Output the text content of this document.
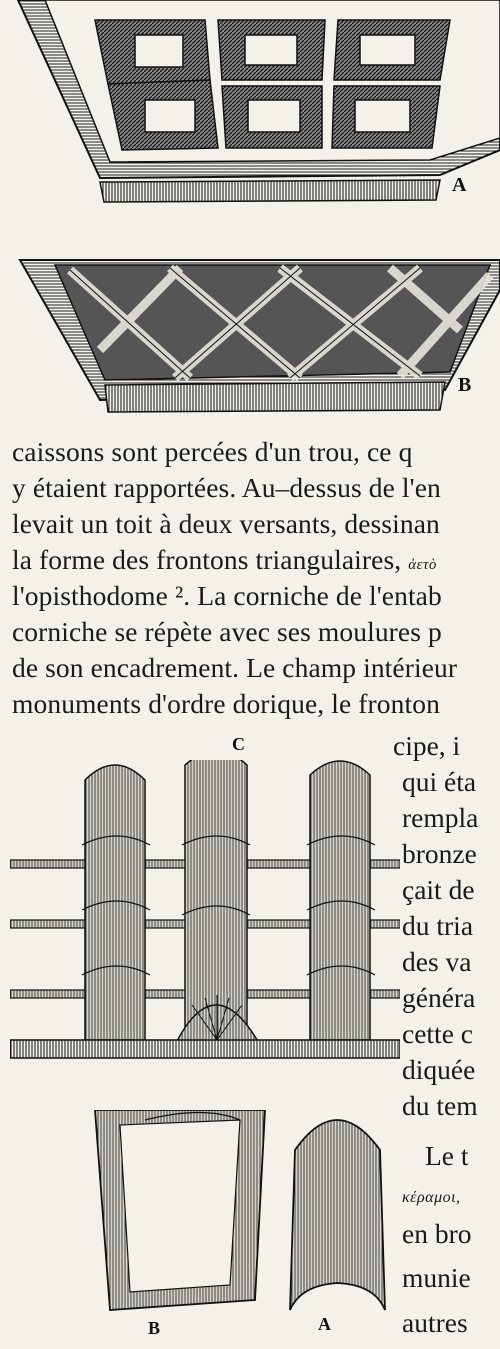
A
B
caissons sont percées d'un trou, ce q
y étaient rapportées. Au–dessus de l'en
levait un toit à deux versants, dessinan
la forme des frontons triangulaires, ἀετὸ
l'opisthodome ². La corniche de l'entab
corniche se répète avec ses moulures p
de son encadrement. Le champ intérieur
monuments d'ordre dorique, le fronton
C
B	A
cipe, i
qui éta
rempla
bronze
çait de
du tria
des va
généra
cette c
diquée
du tem
Le t
κέραμοι,
en bro
munie
autres
